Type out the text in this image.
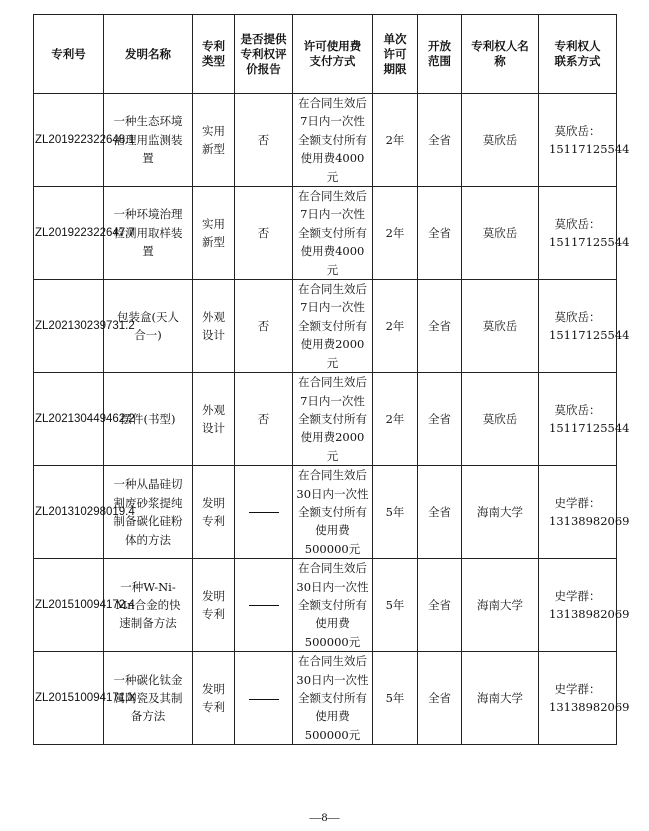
专利号	发明名称	专利类型	是否提供专利权评价报告	许可使用费支付方式	单次许可期限	开放范围	专利权人名称	专利权人联系方式
ZL201922322648.1	一种生态环境治理用监测装置	实用新型	否	在合同生效后7日内一次性全额支付所有使用费4000元	2年	全省	莫欣岳	莫欣岳：15117125544
ZL201922322647.7	一种环境治理检测用取样装置	实用新型	否	在合同生效后7日内一次性全额支付所有使用费4000元	2年	全省	莫欣岳	莫欣岳：15117125544
ZL202130239731.2	包装盒(天人合一)	外观设计	否	在合同生效后7日内一次性全额支付所有使用费2000元	2年	全省	莫欣岳	莫欣岳：15117125544
ZL202130449462.2	摆件(书型)	外观设计	否	在合同生效后7日内一次性全额支付所有使用费2000元	2年	全省	莫欣岳	莫欣岳：15117125544
ZL201310298019.4	一种从晶硅切割废砂浆提纯制备碳化硅粉体的方法	发明专利		在合同生效后30日内一次性全额支付所有使用费500000元	5年	全省	海南大学	史学群：13138982069
ZL201510094172.4	一种W-Ni-Mn合金的快速制备方法	发明专利		在合同生效后30日内一次性全额支付所有使用费500000元	5年	全省	海南大学	史学群：13138982069
ZL201510094171.X	一种碳化钛金属陶瓷及其制备方法	发明专利		在合同生效后30日内一次性全额支付所有使用费500000元	5年	全省	海南大学	史学群：13138982069
—8—
